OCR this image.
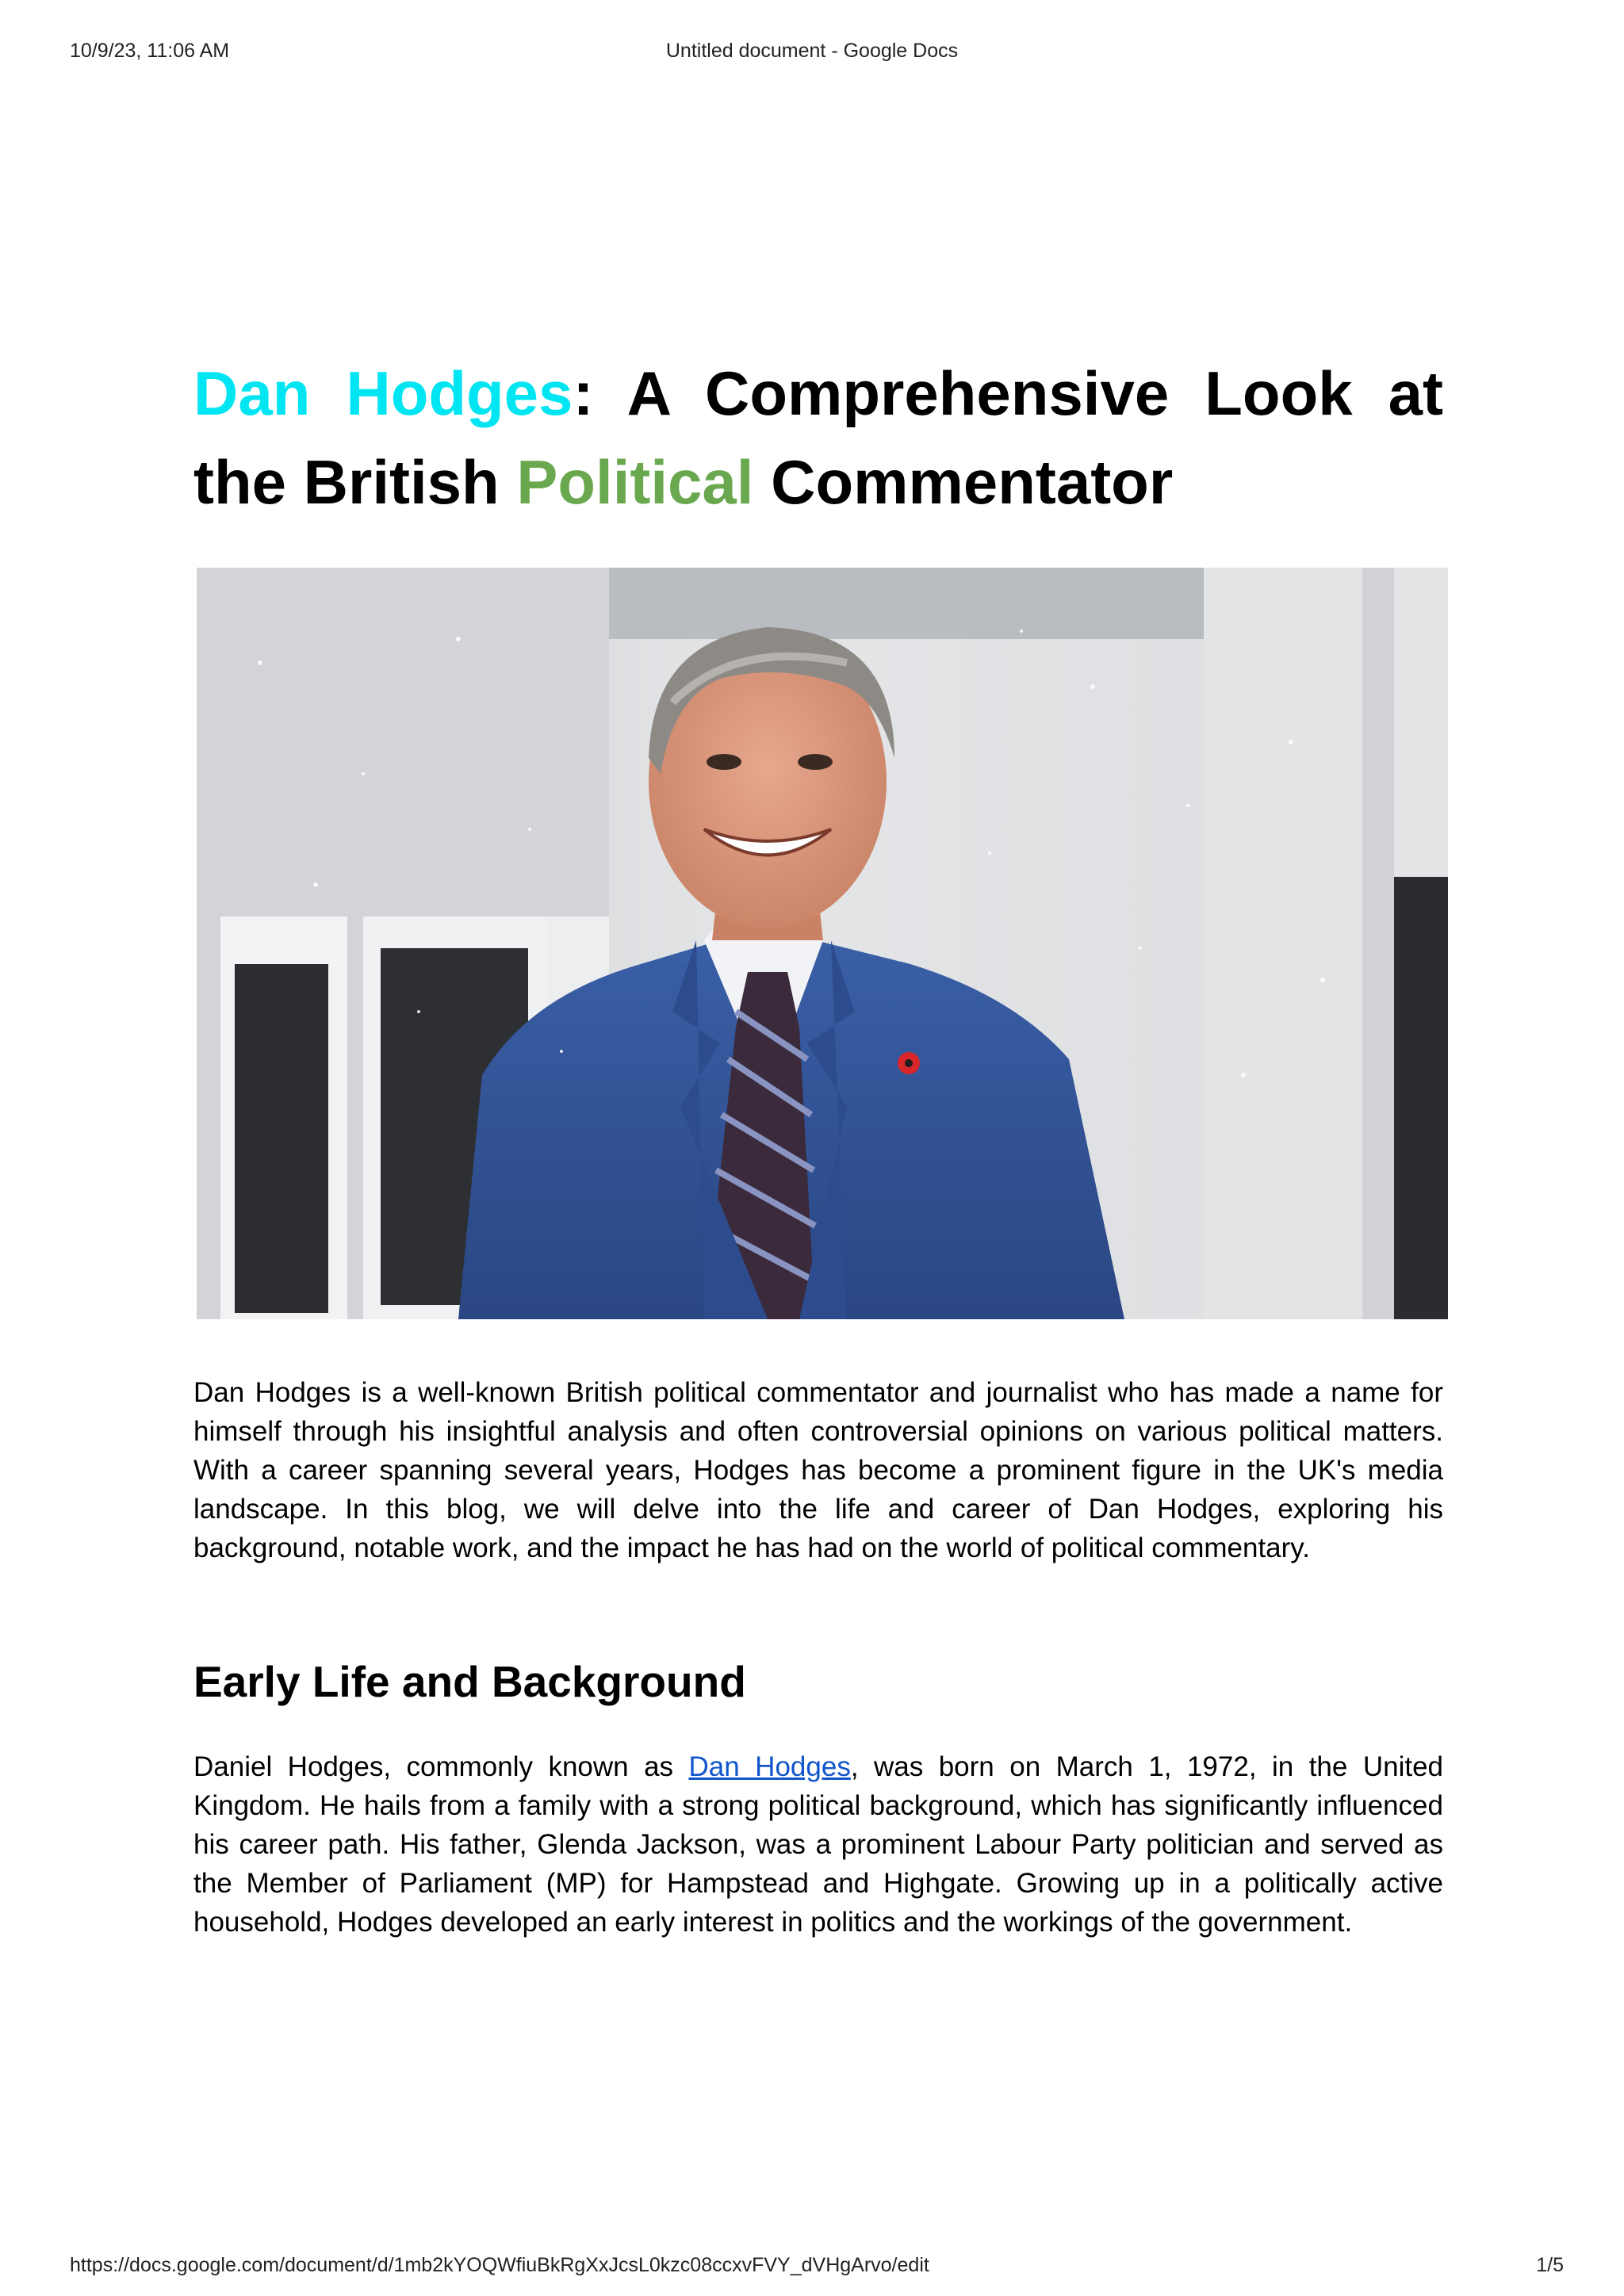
10/9/23, 11:06 AM	Untitled document - Google Docs
Dan Hodges: A Comprehensive Look at the British Political Commentator

Dan Hodges is a well-known British political commentator and journalist who has made a name for himself through his insightful analysis and often controversial opinions on various political matters. With a career spanning several years, Hodges has become a prominent figure in the UK's media landscape. In this blog, we will delve into the life and career of Dan Hodges, exploring his background, notable work, and the impact he has had on the world of political commentary.

Early Life and Background

Daniel Hodges, commonly known as Dan Hodges, was born on March 1, 1972, in the United Kingdom. He hails from a family with a strong political background, which has significantly influenced his career path. His father, Glenda Jackson, was a prominent Labour Party politician and served as the Member of Parliament (MP) for Hampstead and Highgate. Growing up in a politically active household, Hodges developed an early interest in politics and the workings of the government.

https://docs.google.com/document/d/1mb2kYOQWfiuBkRgXxJcsL0kzc08ccxvFVY_dVHgArvo/edit	1/5
